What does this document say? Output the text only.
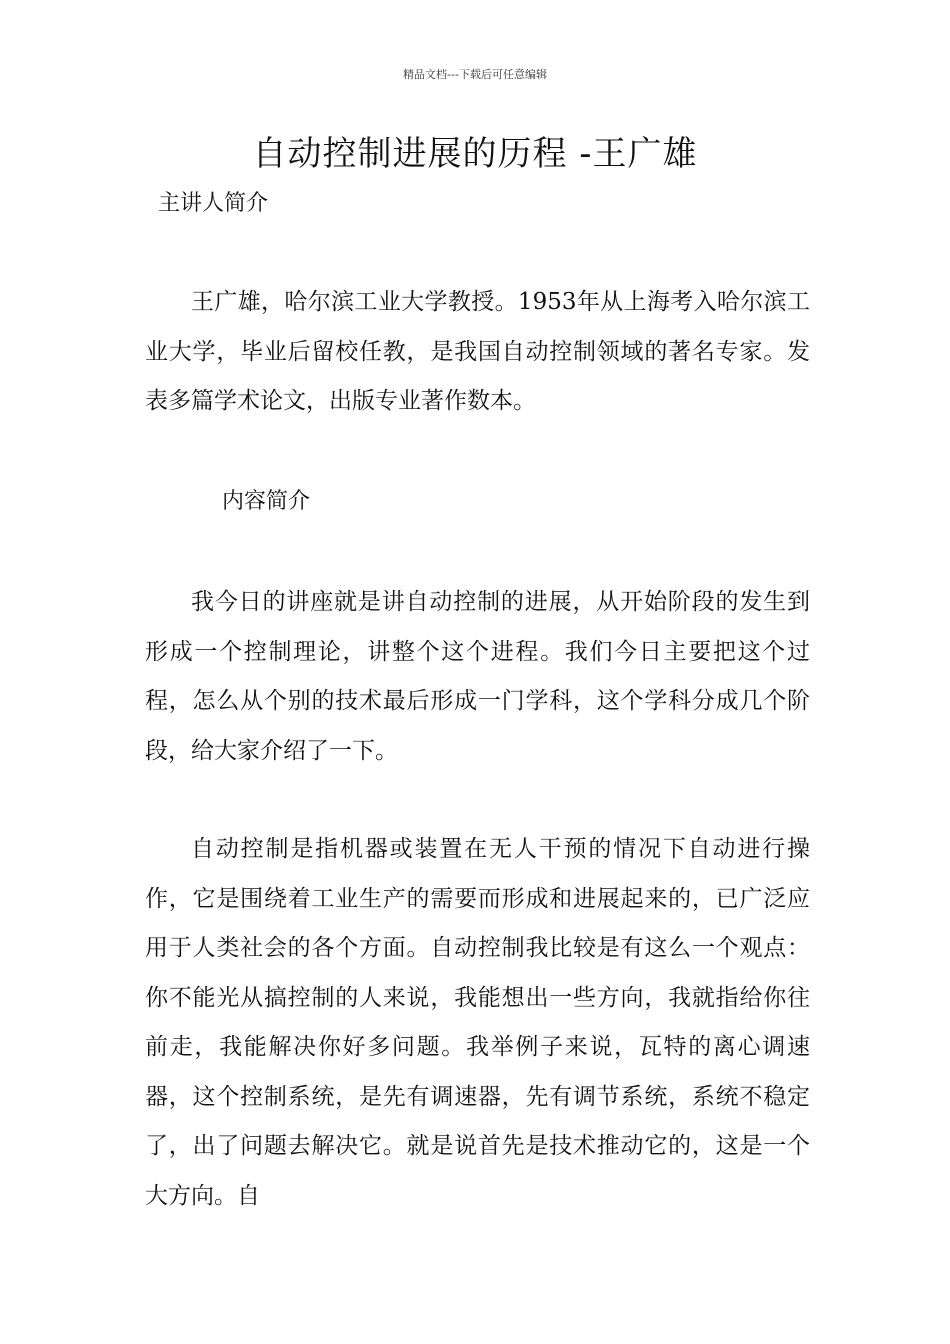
精品文档---下载后可任意编辑
自动控制进展的历程 -王广雄

主讲人简介

王广雄，哈尔滨工业大学教授。1953年从上海考入哈尔滨工业大学，毕业后留校任教，是我国自动控制领域的著名专家。发表多篇学术论文，出版专业著作数本。

内容简介

我今日的讲座就是讲自动控制的进展，从开始阶段的发生到形成一个控制理论，讲整个这个进程。我们今日主要把这个过程，怎么从个别的技术最后形成一门学科，这个学科分成几个阶段，给大家介绍了一下。

自动控制是指机器或装置在无人干预的情况下自动进行操作，它是围绕着工业生产的需要而形成和进展起来的，已广泛应用于人类社会的各个方面。自动控制我比较是有这么一个观点：你不能光从搞控制的人来说，我能想出一些方向，我就指给你往前走，我能解决你好多问题。我举例子来说，瓦特的离心调速器，这个控制系统，是先有调速器，先有调节系统，系统不稳定了，出了问题去解决它。就是说首先是技术推动它的，这是一个大方向。自
